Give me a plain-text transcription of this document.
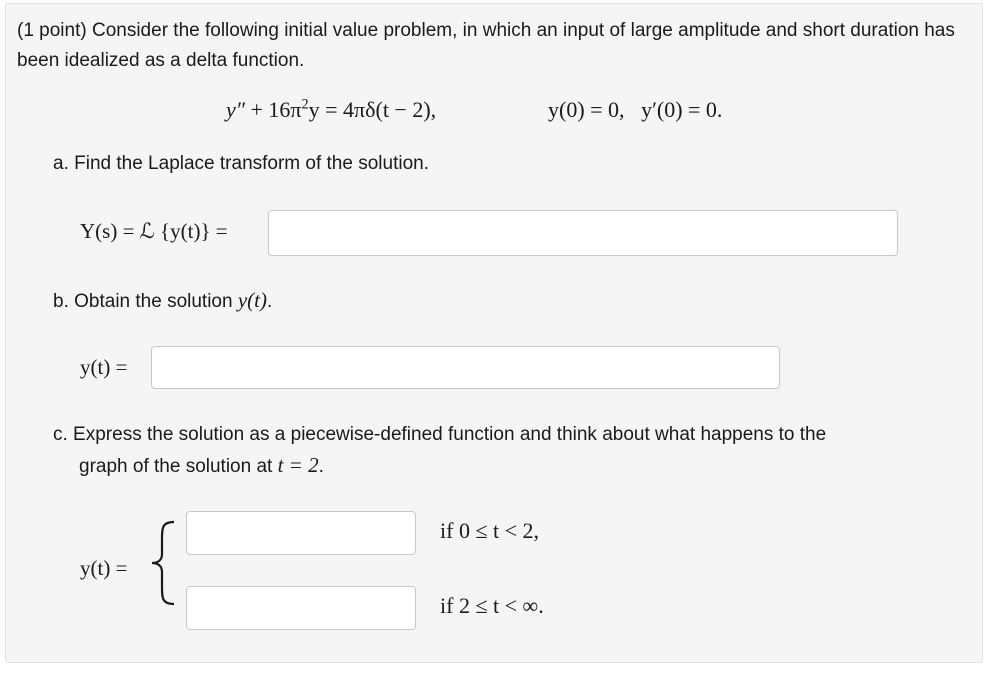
(1 point) Consider the following initial value problem, in which an input of large amplitude and short duration has been idealized as a delta function.

$y'' + 16\pi^2y = 4\pi\delta(t - 2)$,	y(0) = 0, y′(0) = 0.

a. Find the Laplace transform of the solution.

Y(s) = ℒ {y(t)} =

b. Obtain the solution y(t).

y(t) =

c. Express the solution as a piecewise-defined function and think about what happens to the
graph of the solution at t = 2.

y(t) =
if 0 ≤ t < 2,
if 2 ≤ t < ∞.
